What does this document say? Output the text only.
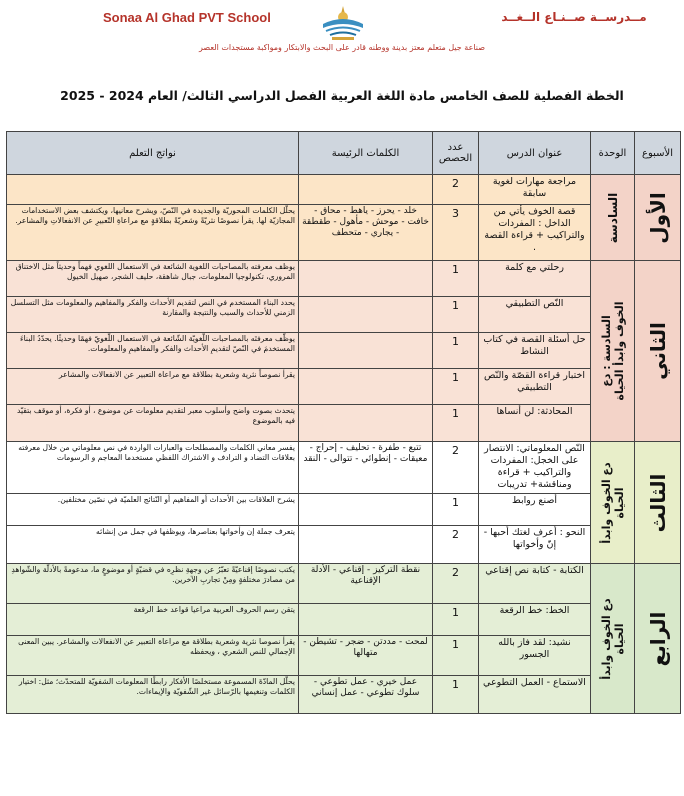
Sonaa Al Ghad PVT School	مــدرســة صــنـاع الــغــد
صناعة جيل متعلم معتز بدينة ووطنه قادر على البحث والابتكار ومواكبة مستجدات العصر
الخطة الفصلية للصف الخامس مادة اللغة العربية الفصل الدراسي الثالث/ العام 2024 - 2025
الأسبوع	الوحدة	عنوان الدرس	عدد الحصص	الكلمات الرئيسة	نواتج التعلم

الأول	السادسة	مراجعة مهارات لغوية سابقة	2		
		قصة الخوف يأتي من الداخل : المفردات والتراكيب + قراءة القصة .	3	خلد - يحرز - ياهط - محاق - خافت - موحش - مأهول - طقطقة - يجاري - متحطف	يحلّل الكلمات المحوريّة والجديدة في النّصّ، ويشرح معانيها، ويكتشف بعض الاستخدامات المجازيّة لها. يقرأ نصوصًا نثريّةً وشعريّةً بطلاقةٍ مع مراعاةِ التّعبيرِ عن الانفعالاتِ والمشاعر.

الثاني	السادسة : دع الخوف وابدأ الحياة	رحلتي مع كلمة	1		يوظف معرفته بالمصاحبات اللغوية الشائعة في الاستعمال اللغوي فهماً وحديثاً مثل الاختناق المروري، تكنولوجيا المعلومات، جبال شاهقة، حليف الشجر، صهيل الخيول
		النّص التطبيقي	1		يحدد البناء المستخدم في النص لتقديم الأحداث والفكر والمفاهيم والمعلومات مثل التسلسل الزمني للأحداث والسبب والنتيجة والمقارنة
		حل أسئلة القصة في كتاب النشاط	1		يوظّف معرفتَه بالمصاحبات اللّغويّة الشّائعة في الاستعمال اللّغويّ فهمًا وحديثًا. يحدّدُ البناءَ المستخدمَ في النّصّ لتقديمِ الأحداث والفكر والمفاهيمِ والمعلومات.
		اختبار قراءة القصّة والنّص التطبيقي	1		يقرأ نصوصاً نثرية وشعرية بطلاقة مع مراعاة التعبير عن الانفعالات والمشاعر
		المحادثة: لن أنساها	1		يتحدث بصوت واضح وأسلوب معبر لتقديم معلومات عن موضوع ، أو فكرة، أو موقف بتقيّد فيه بالموضوع

الثالث	دع الخوف وابدأ الحياة	النّص المعلوماتي: الانتصار على الخجل: المفردات والتراكيب + قراءة ومناقشة+ تدريبات	2	تتبع - طفرة - تحليف - إحراج - معيقات - إنطوائي - تتوالى - النقد	يفسر معاني الكلمات والمصطلحات والعبارات الواردة في نص معلوماتي من خلال معرفته بعلاقات التضاد و الترادف و الاشتراك اللفظي مستخدما المعاجم و الرسومات
		أصنع روابط	1		يشرح العلاقات بين الأحداث أو المفاهيم أو النّتائج العلميّة في نصّين مختلفين.
		النحو : أعرف لغتك أحبها - إنّ وأخواتها	2		يتعرف جملة إن وأخواتها بعناصرها، ويوظفها في جمل من إنشائه

الرابع	دع الخوف وابدأ الحياة	الكتابة - كتابة نص إقناعي	2	نقطة التركيز - إقناعي - الأدلة الإقناعية	يكتب نصوصًا إقناعيّةً تعبّرُ عن وجهةِ نظرِه في قضيّةٍ أو موضوعٍ ما، مدعومةً بالأدلّة والشّواهدِ من مصادرَ مختلفةٍ ومِنْ تجاربِ الآخرين.
		الخط: خط الرقعة	1		يتقن رسم الحروف العربية مراعيا قواعد خط الرقعة
		نشيد: لقد فاز بالله الجسور	1	لمحت - مددتن - ضجر - تشيطن - متهالها	يقرأ نصوصا نثرية وشعرية بطلاقة مع مراعاة التعبير عن الانفعالات والمشاعر. يبين المعنى الإجمالي للنص الشعري ، ويحفظه
		الاستماع - العمل التطوعي	1	عمل خيري - عمل تطوعي - سلوك تطوعي - عمل إنساني	يحلّل المادّةَ المسموعة مستخلصًا الأفكار رابطًا المعلومات الشفويّة للمتحدّث؛ مثل: اختيار الكلمات وتنغيمها بالرّسائل غير الشّفويّة والإيماءات.
